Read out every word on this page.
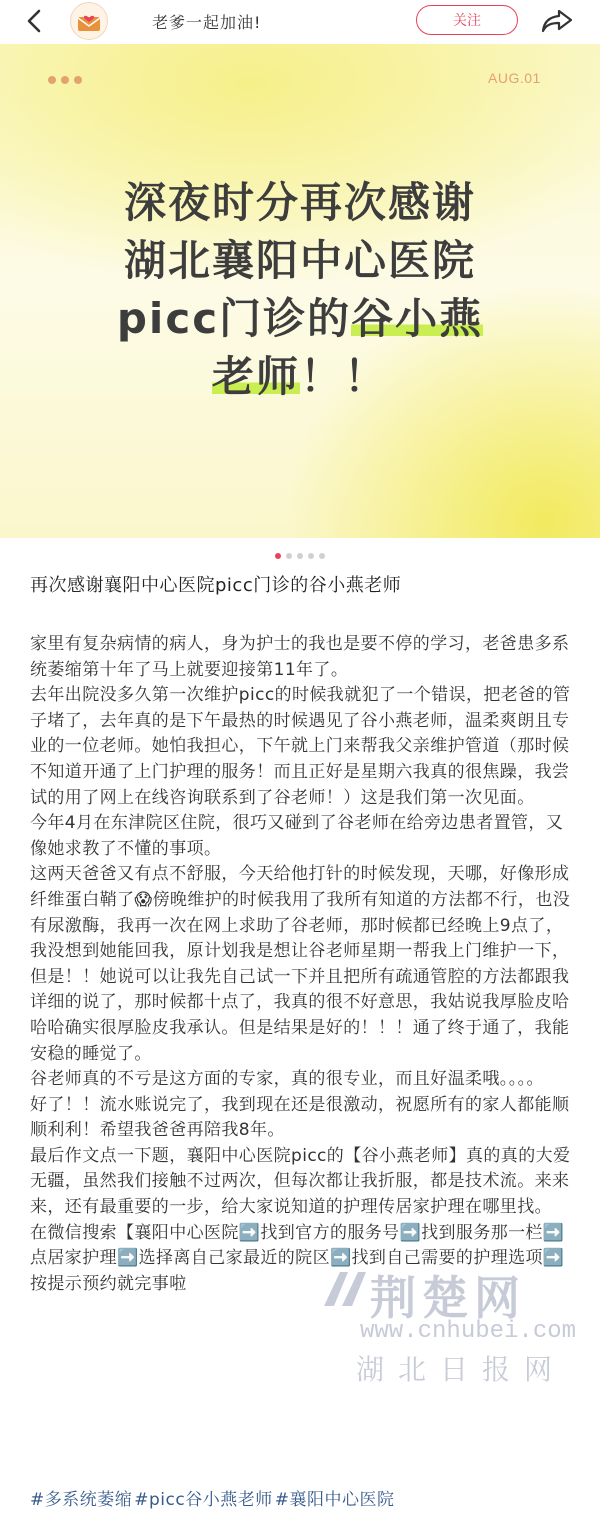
老爹一起加油!	关注
AUG.01
深夜时分再次感谢
湖北襄阳中心医院
picc门诊的谷小燕
老师！！
再次感谢襄阳中心医院picc门诊的谷小燕老师

家里有复杂病情的病人，身为护士的我也是要不停的学习，老爸患多系统萎缩第十年了马上就要迎接第11年了。

去年出院没多久第一次维护picc的时候我就犯了一个错误，把老爸的管子堵了，去年真的是下午最热的时候遇见了谷小燕老师，温柔爽朗且专业的一位老师。她怕我担心，下午就上门来帮我父亲维护管道（那时候不知道开通了上门护理的服务！而且正好是星期六我真的很焦躁，我尝试的用了网上在线咨询联系到了谷老师！）这是我们第一次见面。

今年4月在东津院区住院，很巧又碰到了谷老师在给旁边患者置管，又像她求教了不懂的事项。

这两天爸爸又有点不舒服，今天给他打针的时候发现，天哪，好像形成纤维蛋白鞘了😱傍晚维护的时候我用了我所有知道的方法都不行，也没有尿激酶，我再一次在网上求助了谷老师，那时候都已经晚上9点了，我没想到她能回我，原计划我是想让谷老师星期一帮我上门维护一下，但是！！她说可以让我先自己试一下并且把所有疏通管腔的方法都跟我详细的说了，那时候都十点了，我真的很不好意思，我姑说我厚脸皮哈哈哈确实很厚脸皮我承认。但是结果是好的！！！通了终于通了，我能安稳的睡觉了。

谷老师真的不亏是这方面的专家，真的很专业，而且好温柔哦。。。。

好了！！流水账说完了，我到现在还是很激动，祝愿所有的家人都能顺顺利利！希望我爸爸再陪我8年。

最后作文点一下题，襄阳中心医院picc的【谷小燕老师】真的真的大爱无疆，虽然我们接触不过两次，但每次都让我折服，都是技术流。来来来，还有最重要的一步，给大家说知道的护理传居家护理在哪里找。

在微信搜索【襄阳中心医院➡️找到官方的服务号➡️找到服务那一栏➡️点居家护理➡️选择离自己家最近的院区➡️找到自己需要的护理选项➡️按提示预约就完事啦

#多系统萎缩 #picc谷小燕老师 #襄阳中心医院
荆楚网
www.cnhubei.com
湖北日报网
